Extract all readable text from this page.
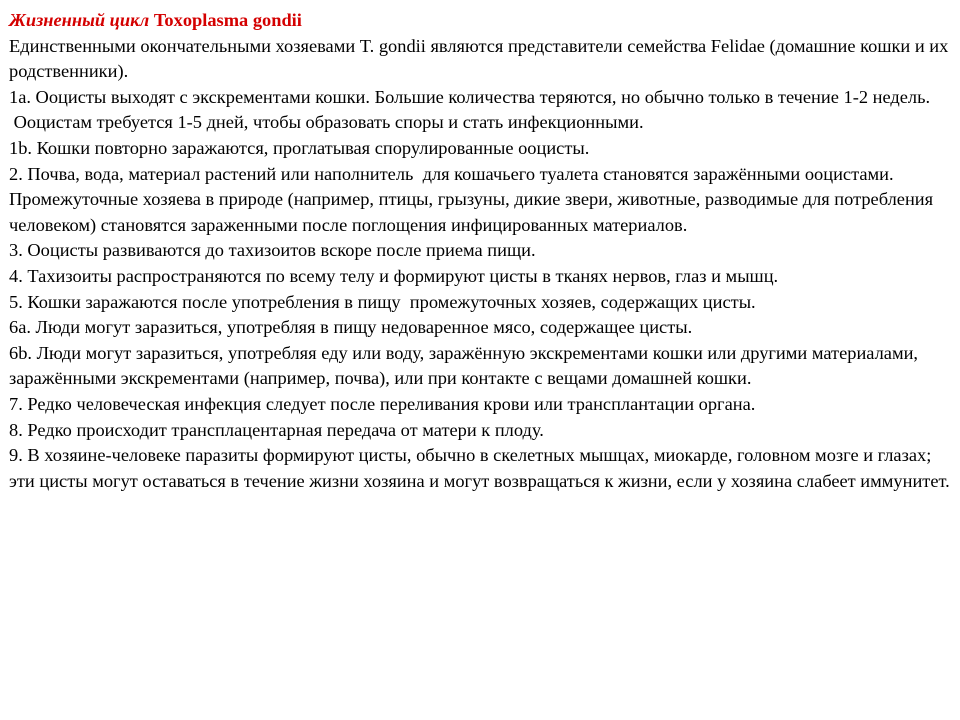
Жизненный цикл Toxoplasma gondii

Единственными окончательными хозяевами T. gondii являются представители семейства Felidae (домашние кошки и их родственники).

1a. Ооцисты выходят с экскрементами кошки. Большие количества теряются, но обычно только в течение 1-2 недель.

Ооцистам требуется 1-5 дней, чтобы образовать споры и стать инфекционными.

1b. Кошки повторно заражаются, проглатывая спорулированные ооцисты.

2. Почва, вода, материал растений или наполнитель  для кошачьего туалета становятся заражёнными ооцистами.

Промежуточные хозяева в природе (например, птицы, грызуны, дикие звери, животные, разводимые для потребления человеком) становятся зараженными после поглощения инфицированных материалов.

3. Ооцисты развиваются до тахизоитов вскоре после приема пищи.

4. Тахизоиты распространяются по всему телу и формируют цисты в тканях нервов, глаз и мышц.

5. Кошки заражаются после употребления в пищу  промежуточных хозяев, содержащих цисты.

6a. Люди могут заразиться, употребляя в пищу недоваренное мясо, содержащее цисты.

6b. Люди могут заразиться, употребляя еду или воду, заражённую экскрементами кошки или другими материалами, заражёнными экскрементами (например, почва), или при контакте с вещами домашней кошки.

7. Редко человеческая инфекция следует после переливания крови или трансплантации органа.

8. Редко происходит трансплацентарная передача от матери к плоду.

9. В хозяине-человеке паразиты формируют цисты, обычно в скелетных мышцах, миокарде, головном мозге и глазах; эти цисты могут оставаться в течение жизни хозяина и могут возвращаться к жизни, если у хозяина слабеет иммунитет.
